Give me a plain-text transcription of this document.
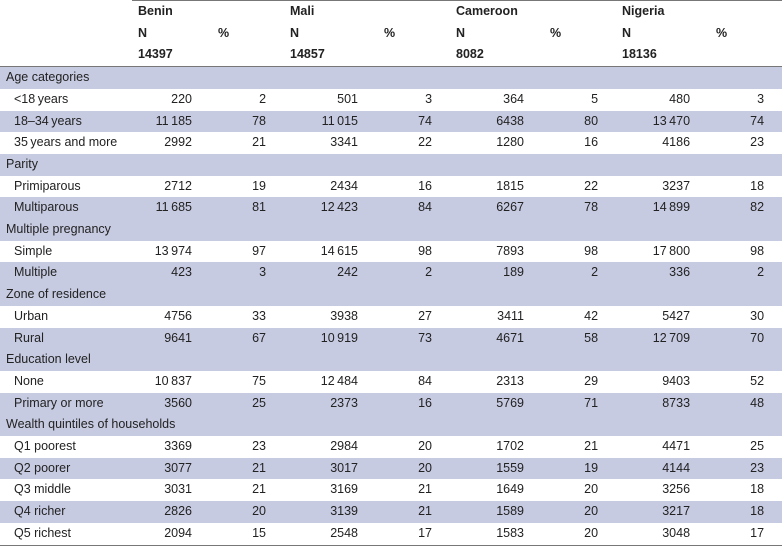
	Benin		Mali		Cameroon		Nigeria	
	N	%	N	%	N	%	N	%
	14397		14857		8082		18136	
Age categories								
<18 years	220	2	501	3	364	5	480	3
18–34 years	11 185	78	11 015	74	6438	80	13 470	74
35 years and more	2992	21	3341	22	1280	16	4186	23
Parity								
Primiparous	2712	19	2434	16	1815	22	3237	18
Multiparous	11 685	81	12 423	84	6267	78	14 899	82
Multiple pregnancy								
Simple	13 974	97	14 615	98	7893	98	17 800	98
Multiple	423	3	242	2	189	2	336	2
Zone of residence								
Urban	4756	33	3938	27	3411	42	5427	30
Rural	9641	67	10 919	73	4671	58	12 709	70
Education level								
None	10 837	75	12 484	84	2313	29	9403	52
Primary or more	3560	25	2373	16	5769	71	8733	48
Wealth quintiles of households								
Q1 poorest	3369	23	2984	20	1702	21	4471	25
Q2 poorer	3077	21	3017	20	1559	19	4144	23
Q3 middle	3031	21	3169	21	1649	20	3256	18
Q4 richer	2826	20	3139	21	1589	20	3217	18
Q5 richest	2094	15	2548	17	1583	20	3048	17
